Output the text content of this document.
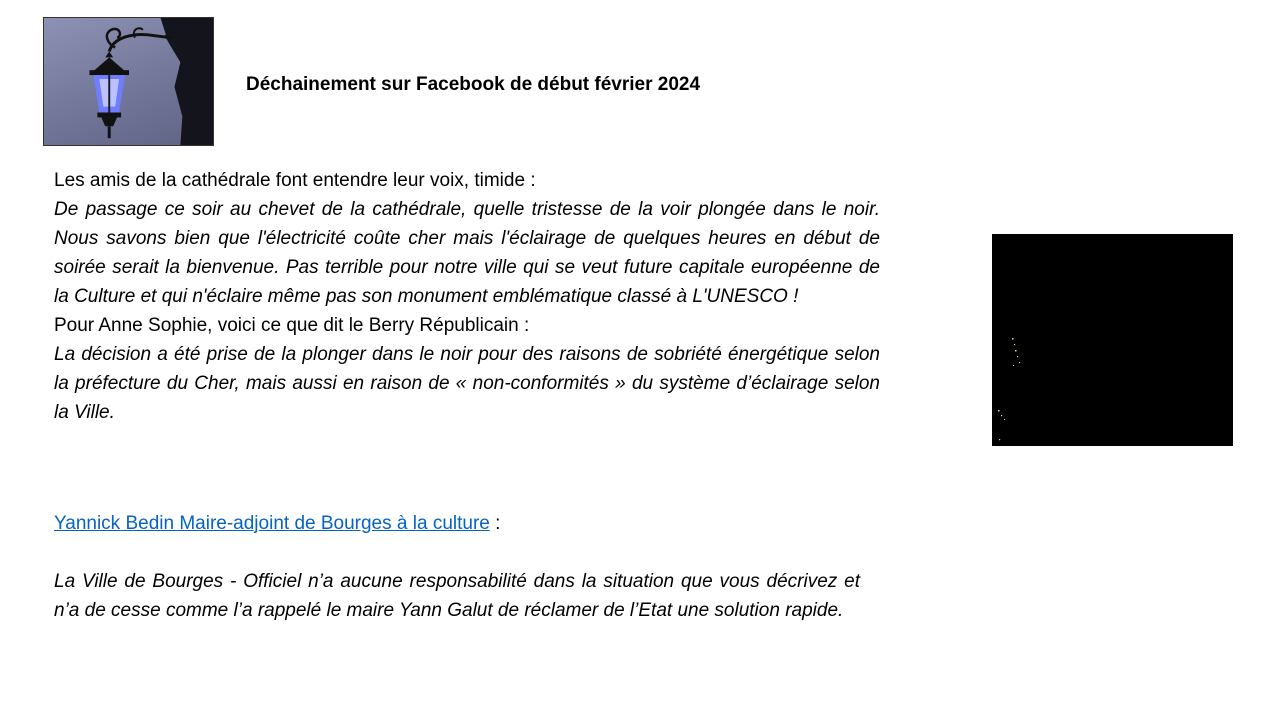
Déchainement sur Facebook de début février 2024

Les amis de la cathédrale font entendre leur voix, timide :

De passage ce soir au chevet de la cathédrale, quelle tristesse de la voir plongée dans le noir. Nous savons bien que l'électricité coûte cher mais l'éclairage de quelques heures en début de soirée serait la bienvenue. Pas terrible pour notre ville qui se veut future capitale européenne de la Culture et qui n'éclaire même pas son monument emblématique classé à L'UNESCO !

Pour Anne Sophie, voici ce que dit le Berry Républicain :

La décision a été prise de la plonger dans le noir pour des raisons de sobriété énergétique selon la préfecture du Cher, mais aussi en raison de « non-conformités » du système d’éclairage selon la Ville.

Yannick Bedin Maire-adjoint de Bourges à la culture :

La Ville de Bourges - Officiel n’a aucune responsabilité dans la situation que vous décrivez et n’a de cesse comme l’a rappelé le maire Yann Galut de réclamer de l’Etat une solution rapide.
